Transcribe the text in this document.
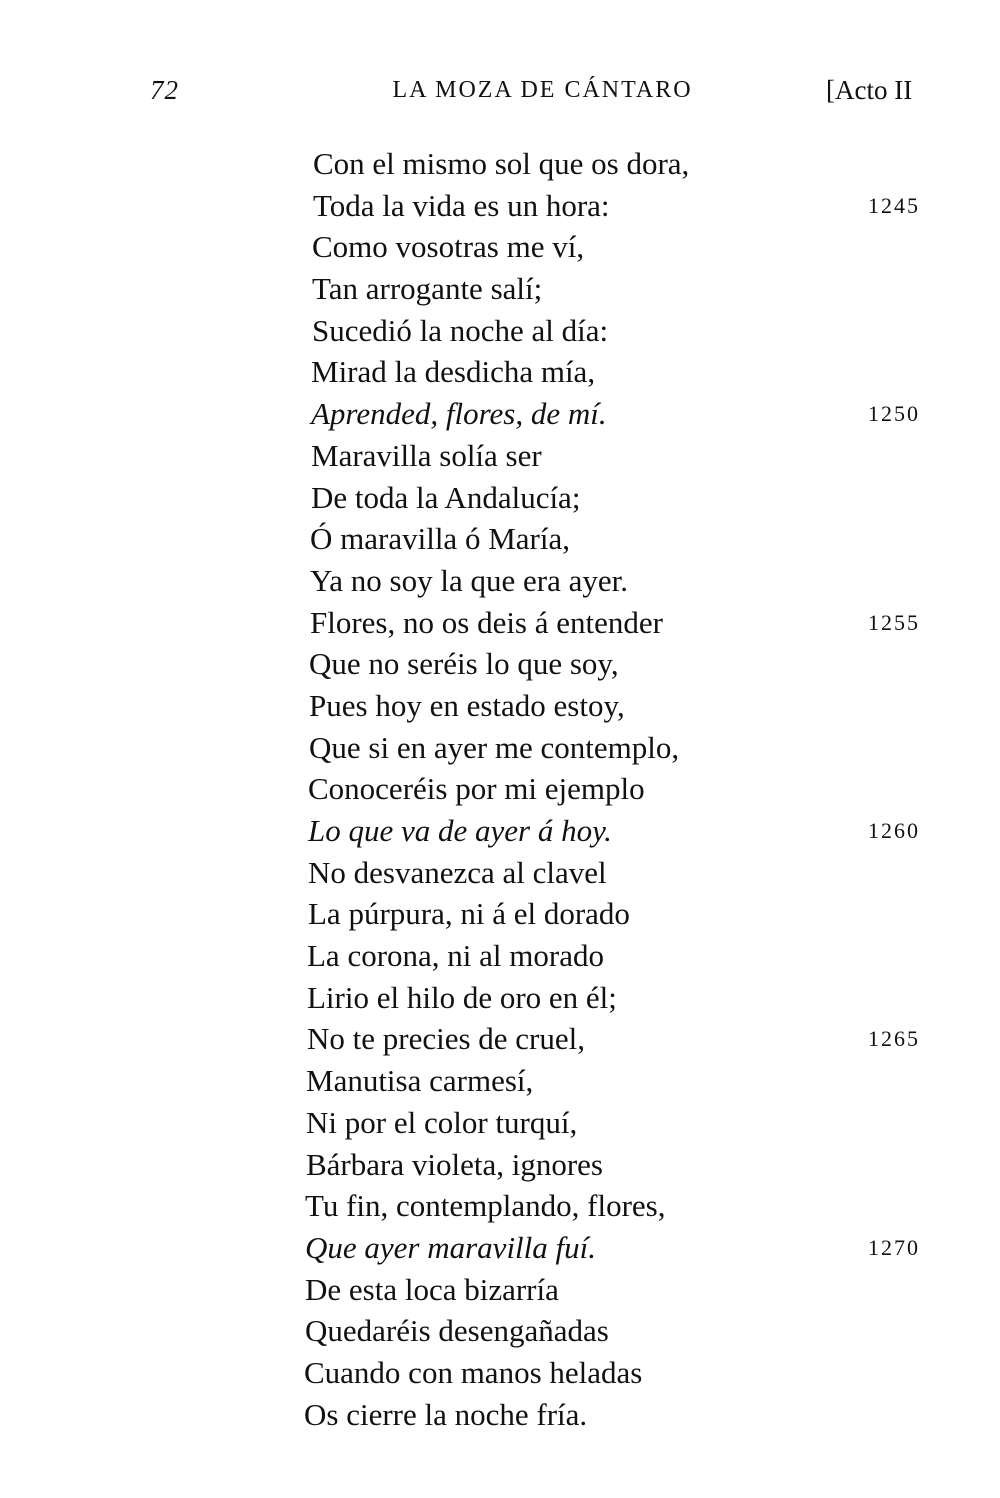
72	LA MOZA DE CÁNTARO	[Acto II
Con el mismo sol que os dora,
Toda la vida es un hora:	1245
Como vosotras me ví,
Tan arrogante salí;
Sucedió la noche al día:
Mirad la desdicha mía,
Aprended, flores, de mí.	1250
Maravilla solía ser
De toda la Andalucía;
Ó maravilla ó María,
Ya no soy la que era ayer.
Flores, no os deis á entender	1255
Que no seréis lo que soy,
Pues hoy en estado estoy,
Que si en ayer me contemplo,
Conoceréis por mi ejemplo
Lo que va de ayer á hoy.	1260
No desvanezca al clavel
La púrpura, ni á el dorado
La corona, ni al morado
Lirio el hilo de oro en él;
No te precies de cruel,	1265
Manutisa carmesí,
Ni por el color turquí,
Bárbara violeta, ignores
Tu fin, contemplando, flores,
Que ayer maravilla fuí.	1270
De esta loca bizarría
Quedaréis desengañadas
Cuando con manos heladas
Os cierre la noche fría.
